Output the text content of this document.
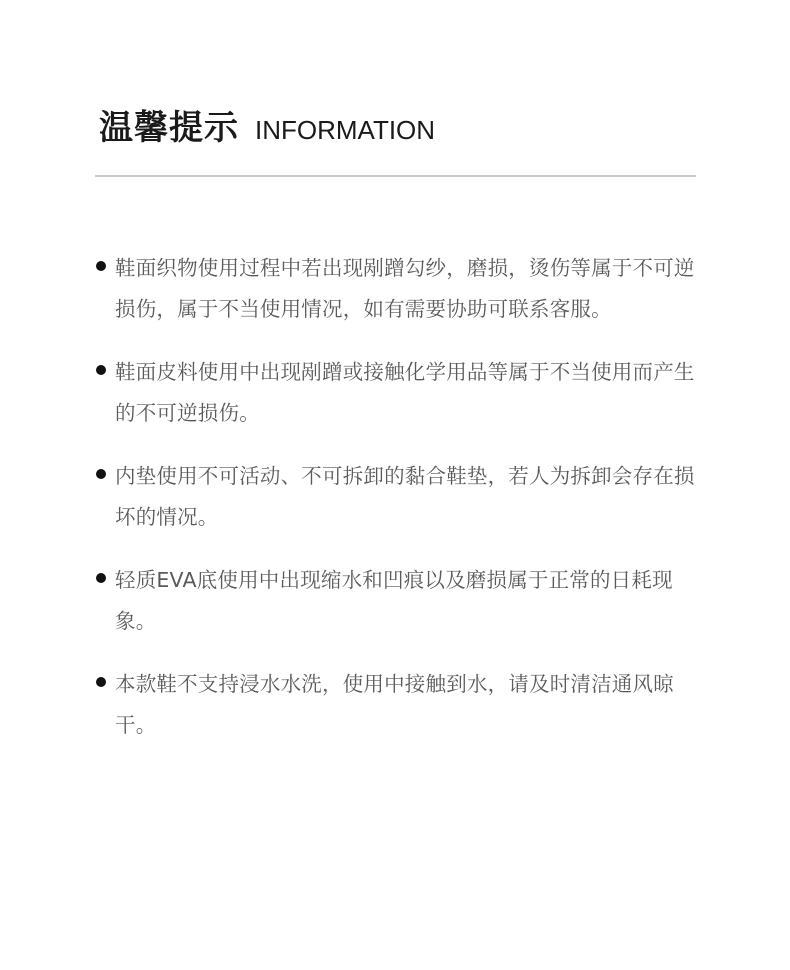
温馨提示 INFORMATION
鞋面织物使用过程中若出现剐蹭勾纱，磨损，烫伤等属于不可逆损伤，属于不当使用情况，如有需要协助可联系客服。
鞋面皮料使用中出现剐蹭或接触化学用品等属于不当使用而产生的不可逆损伤。
内垫使用不可活动、不可拆卸的黏合鞋垫，若人为拆卸会存在损坏的情况。
轻质EVA底使用中出现缩水和凹痕以及磨损属于正常的日耗现象。
本款鞋不支持浸水水洗，使用中接触到水，请及时清洁通风晾干。
